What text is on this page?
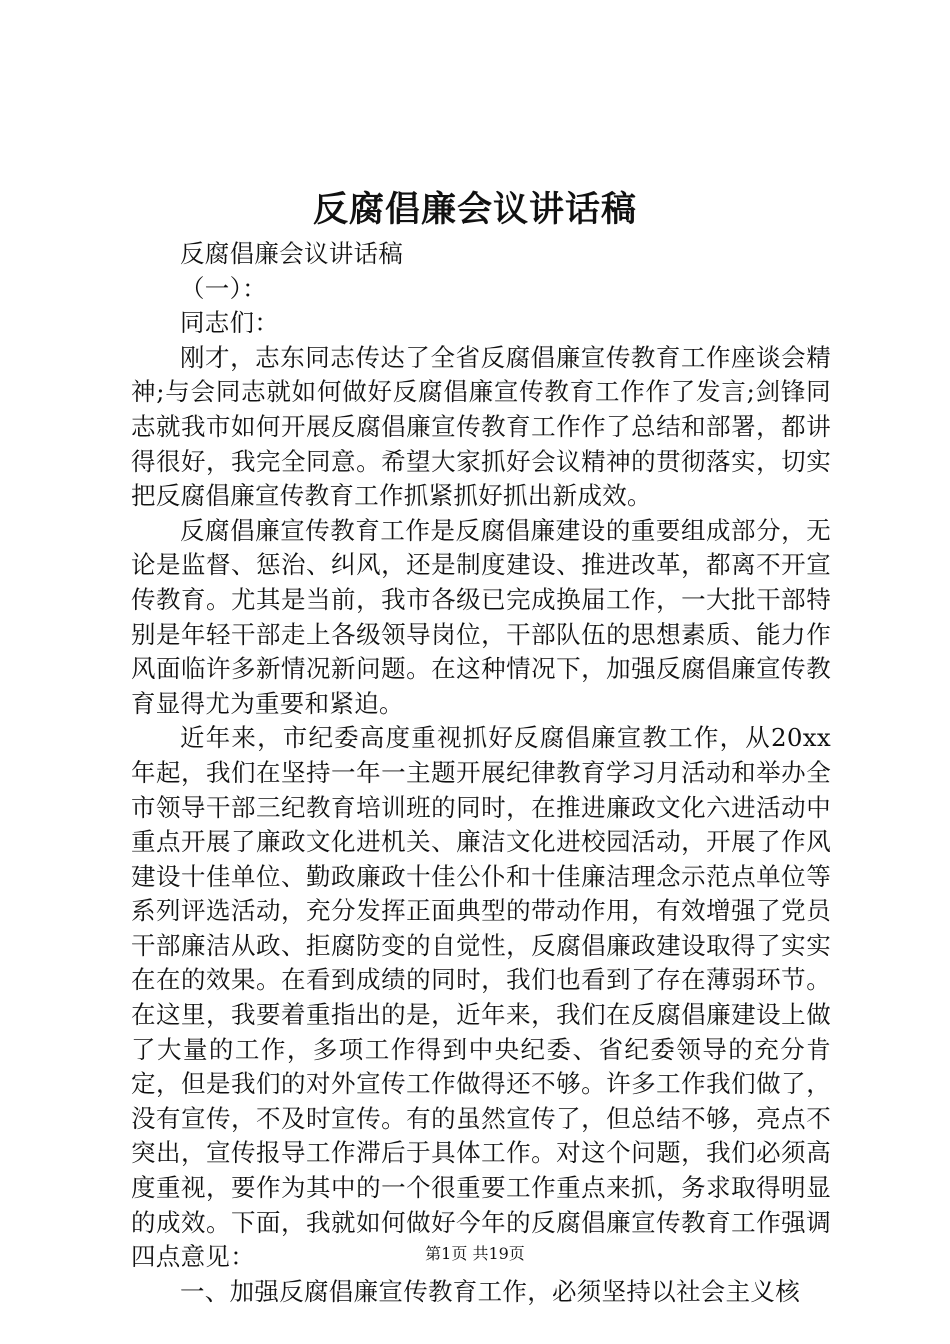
反腐倡廉会议讲话稿

反腐倡廉会议讲话稿

（一）：

同志们：

刚才，志东同志传达了全省反腐倡廉宣传教育工作座谈会精神;与会同志就如何做好反腐倡廉宣传教育工作作了发言;剑锋同志就我市如何开展反腐倡廉宣传教育工作作了总结和部署，都讲得很好，我完全同意。希望大家抓好会议精神的贯彻落实，切实把反腐倡廉宣传教育工作抓紧抓好抓出新成效。

反腐倡廉宣传教育工作是反腐倡廉建设的重要组成部分，无论是监督、惩治、纠风，还是制度建设、推进改革，都离不开宣传教育。尤其是当前，我市各级已完成换届工作，一大批干部特别是年轻干部走上各级领导岗位，干部队伍的思想素质、能力作风面临许多新情况新问题。在这种情况下，加强反腐倡廉宣传教育显得尤为重要和紧迫。

近年来，市纪委高度重视抓好反腐倡廉宣教工作，从20xx年起，我们在坚持一年一主题开展纪律教育学习月活动和举办全市领导干部三纪教育培训班的同时，在推进廉政文化六进活动中重点开展了廉政文化进机关、廉洁文化进校园活动，开展了作风建设十佳单位、勤政廉政十佳公仆和十佳廉洁理念示范点单位等系列评选活动，充分发挥正面典型的带动作用，有效增强了党员干部廉洁从政、拒腐防变的自觉性，反腐倡廉政建设取得了实实在在的效果。在看到成绩的同时，我们也看到了存在薄弱环节。在这里，我要着重指出的是，近年来，我们在反腐倡廉建设上做了大量的工作，多项工作得到中央纪委、省纪委领导的充分肯定，但是我们的对外宣传工作做得还不够。许多工作我们做了，没有宣传，不及时宣传。有的虽然宣传了，但总结不够，亮点不突出，宣传报导工作滞后于具体工作。对这个问题，我们必须高度重视，要作为其中的一个很重要工作重点来抓，务求取得明显的成效。下面，我就如何做好今年的反腐倡廉宣传教育工作强调四点意见：

一、加强反腐倡廉宣传教育工作，必须坚持以社会主义核

第1页 共19页
